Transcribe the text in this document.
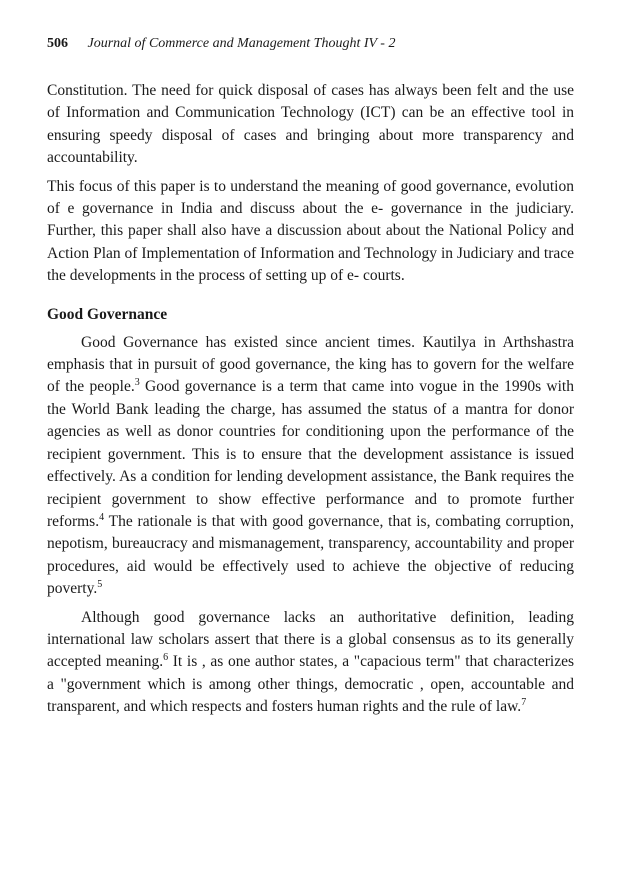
506 Journal of Commerce and Management Thought IV - 2

Constitution. The need for quick disposal of cases has always been felt and the use of Information and Communication Technology (ICT) can be an effective tool in ensuring speedy disposal of cases and bringing about more transparency and accountability.

This focus of this paper is to understand the meaning of good governance, evolution of e governance in India and discuss about the e- governance in the judiciary. Further, this paper shall also have a discussion about about the National Policy and Action Plan of Implementation of Information and Technology in Judiciary and trace the developments in the process of setting up of e- courts.

Good Governance

Good Governance has existed since ancient times. Kautilya in Arthshastra emphasis that in pursuit of good governance, the king has to govern for the welfare of the people.$^3$ Good governance is a term that came into vogue in the 1990s with the World Bank leading the charge, has assumed the status of a mantra for donor agencies as well as donor countries for conditioning upon the performance of the recipient government. This is to ensure that the development assistance is issued effectively. As a condition for lending development assistance, the Bank requires the recipient government to show effective performance and to promote further reforms.$^4$ The rationale is that with good governance, that is, combating corruption, nepotism, bureaucracy and mismanagement, transparency, accountability and proper procedures, aid would be effectively used to achieve the objective of reducing poverty.$^5$

Although good governance lacks an authoritative definition, leading international law scholars assert that there is a global consensus as to its generally accepted meaning.$^6$ It is , as one author states, a "capacious term" that characterizes a "government which is among other things, democratic , open, accountable and transparent, and which respects and fosters human rights and the rule of law.$^7$
